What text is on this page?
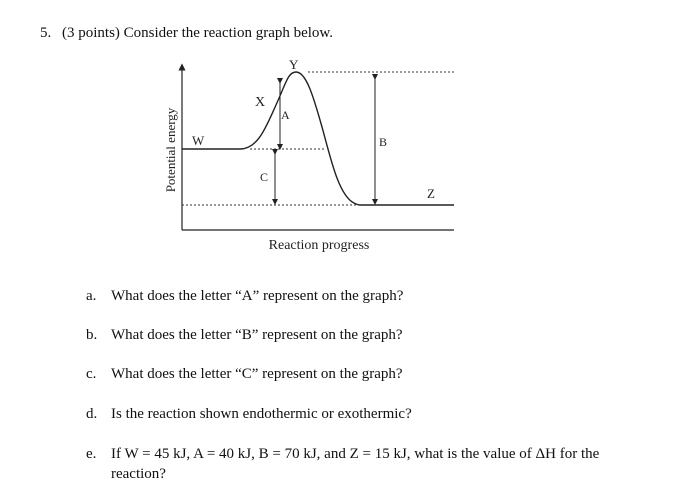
5. (3 points) Consider the reaction graph below.
Y
X
A
W	B
C
Z
Potential energy
Reaction progress
a. What does the letter “A” represent on the graph?
b. What does the letter “B” represent on the graph?
c. What does the letter “C” represent on the graph?
d. Is the reaction shown endothermic or exothermic?
e. If W = 45 kJ, A = 40 kJ, B = 70 kJ, and Z = 15 kJ, what is the value of ΔH for the reaction?
